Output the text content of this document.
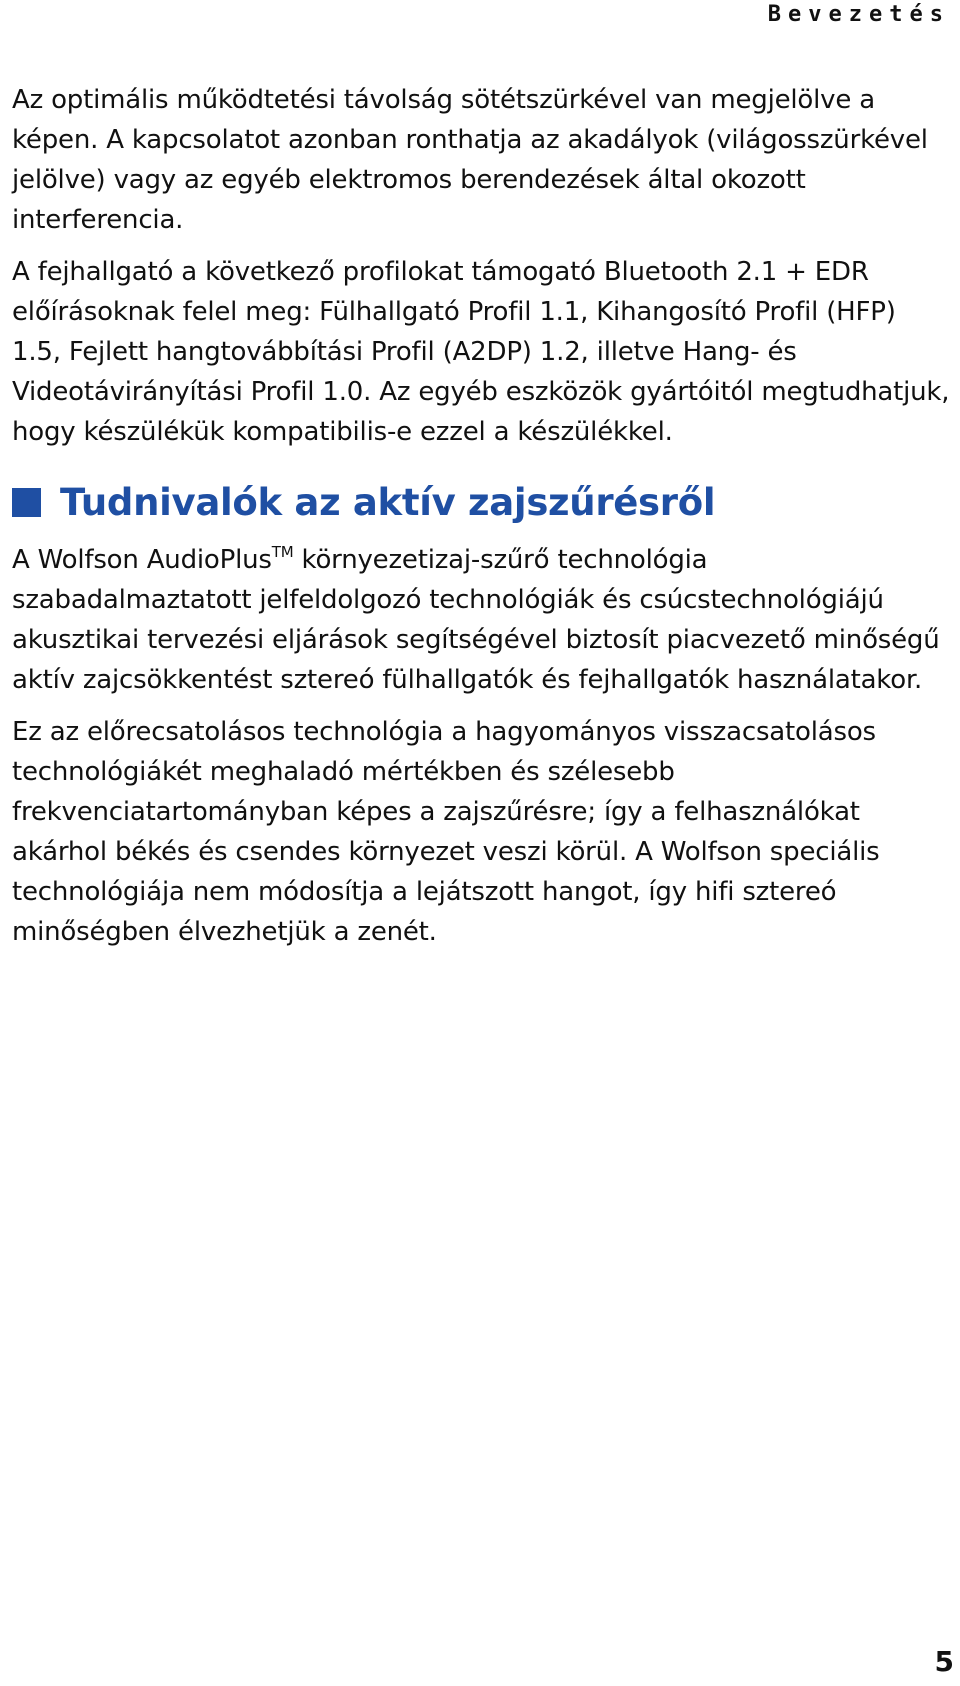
Bevezetés

Az optimális működtetési távolság sötétszürkével van megjelölve a képen. A kapcsolatot azonban ronthatja az akadályok (világosszürkével jelölve) vagy az egyéb elektromos berendezések által okozott interferencia.

A fejhallgató a következő profilokat támogató Bluetooth 2.1 + EDR előírásoknak felel meg: Fülhallgató Profil 1.1, Kihangosító Profil (HFP) 1.5, Fejlett hangtovábbítási Profil (A2DP) 1.2, illetve Hang- és Videotávirányítási Profil 1.0. Az egyéb eszközök gyártóitól megtudhatjuk, hogy készülékük kompatibilis-e ezzel a készülékkel.

Tudnivalók az aktív zajszűrésről

A Wolfson AudioPlus™ környezetizaj-szűrő technológia szabadalmaztatott jelfeldolgozó technológiák és csúcstechnológiájú akusztikai tervezési eljárások segítségével biztosít piacvezető minőségű aktív zajcsökkentést sztereó fülhallgatók és fejhallgatók használatakor.

Ez az előrecsatolásos technológia a hagyományos visszacsatolásos technológiákét meghaladó mértékben és szélesebb frekvenciatartományban képes a zajszűrésre; így a felhasználókat akárhol békés és csendes környezet veszi körül. A Wolfson speciális technológiája nem módosítja a lejátszott hangot, így hifi sztereó minőségben élvezhetjük a zenét.

5
